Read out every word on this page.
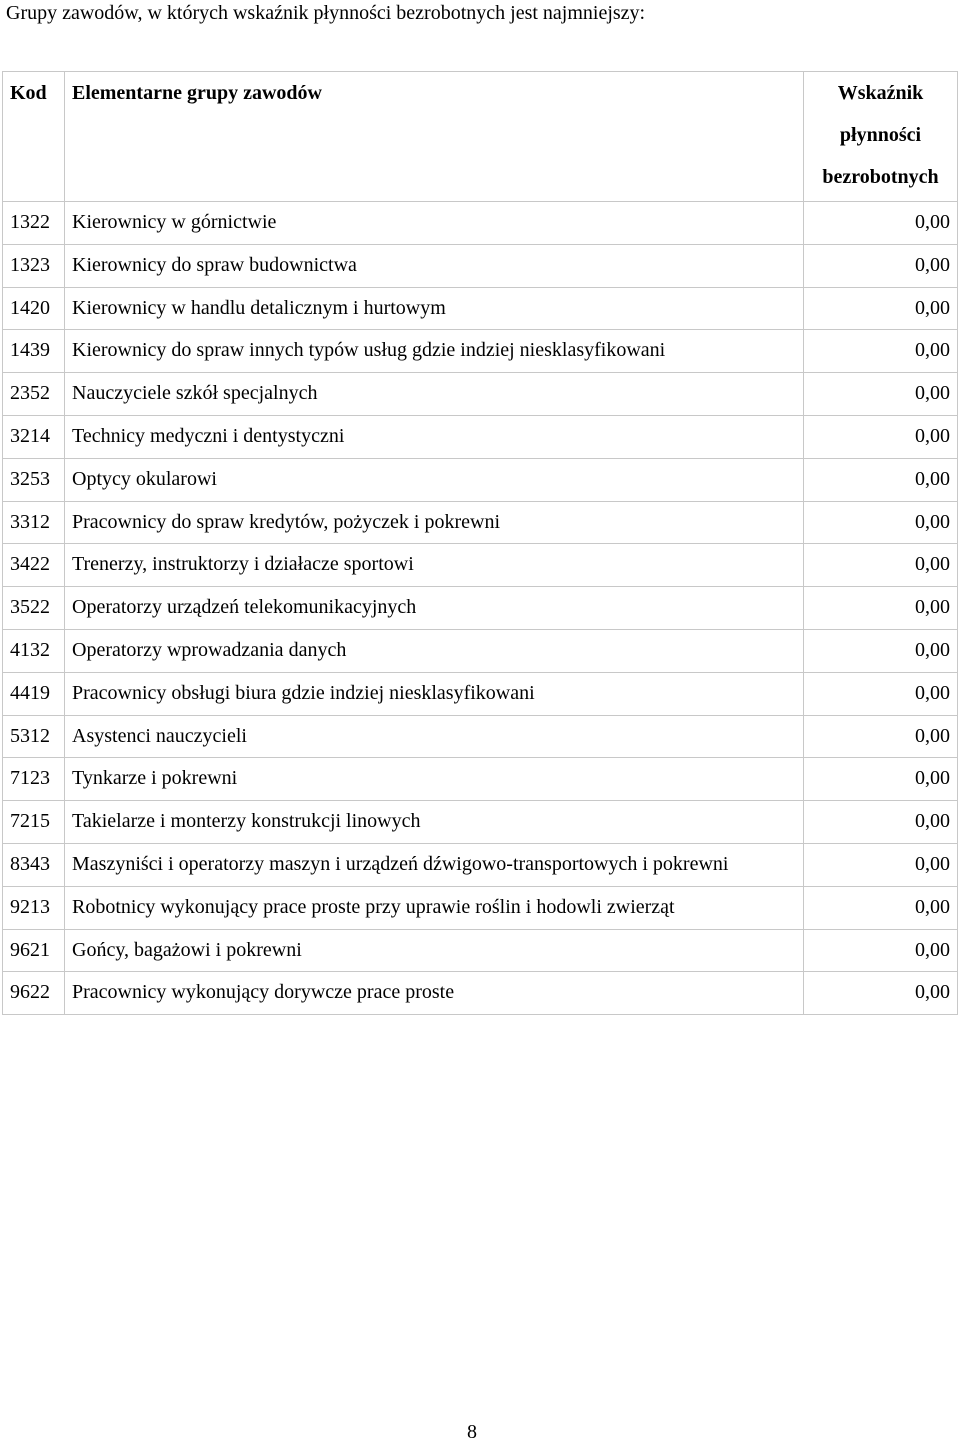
Grupy zawodów, w których wskaźnik płynności bezrobotnych jest najmniejszy:
Kod	Elementarne grupy zawodów	Wskaźnik płynności bezrobotnych
1322	Kierownicy w górnictwie	0,00
1323	Kierownicy do spraw budownictwa	0,00
1420	Kierownicy w handlu detalicznym i hurtowym	0,00
1439	Kierownicy do spraw innych typów usług gdzie indziej niesklasyfikowani	0,00
2352	Nauczyciele szkół specjalnych	0,00
3214	Technicy medyczni i dentystyczni	0,00
3253	Optycy okularowi	0,00
3312	Pracownicy do spraw kredytów, pożyczek i pokrewni	0,00
3422	Trenerzy, instruktorzy i działacze sportowi	0,00
3522	Operatorzy urządzeń telekomunikacyjnych	0,00
4132	Operatorzy wprowadzania danych	0,00
4419	Pracownicy obsługi biura gdzie indziej niesklasyfikowani	0,00
5312	Asystenci nauczycieli	0,00
7123	Tynkarze i pokrewni	0,00
7215	Takielarze i monterzy konstrukcji linowych	0,00
8343	Maszyniści i operatorzy maszyn i urządzeń dźwigowo-transportowych i pokrewni	0,00
9213	Robotnicy wykonujący prace proste przy uprawie roślin i hodowli zwierząt	0,00
9621	Gońcy, bagażowi i pokrewni	0,00
9622	Pracownicy wykonujący dorywcze prace proste	0,00
8
